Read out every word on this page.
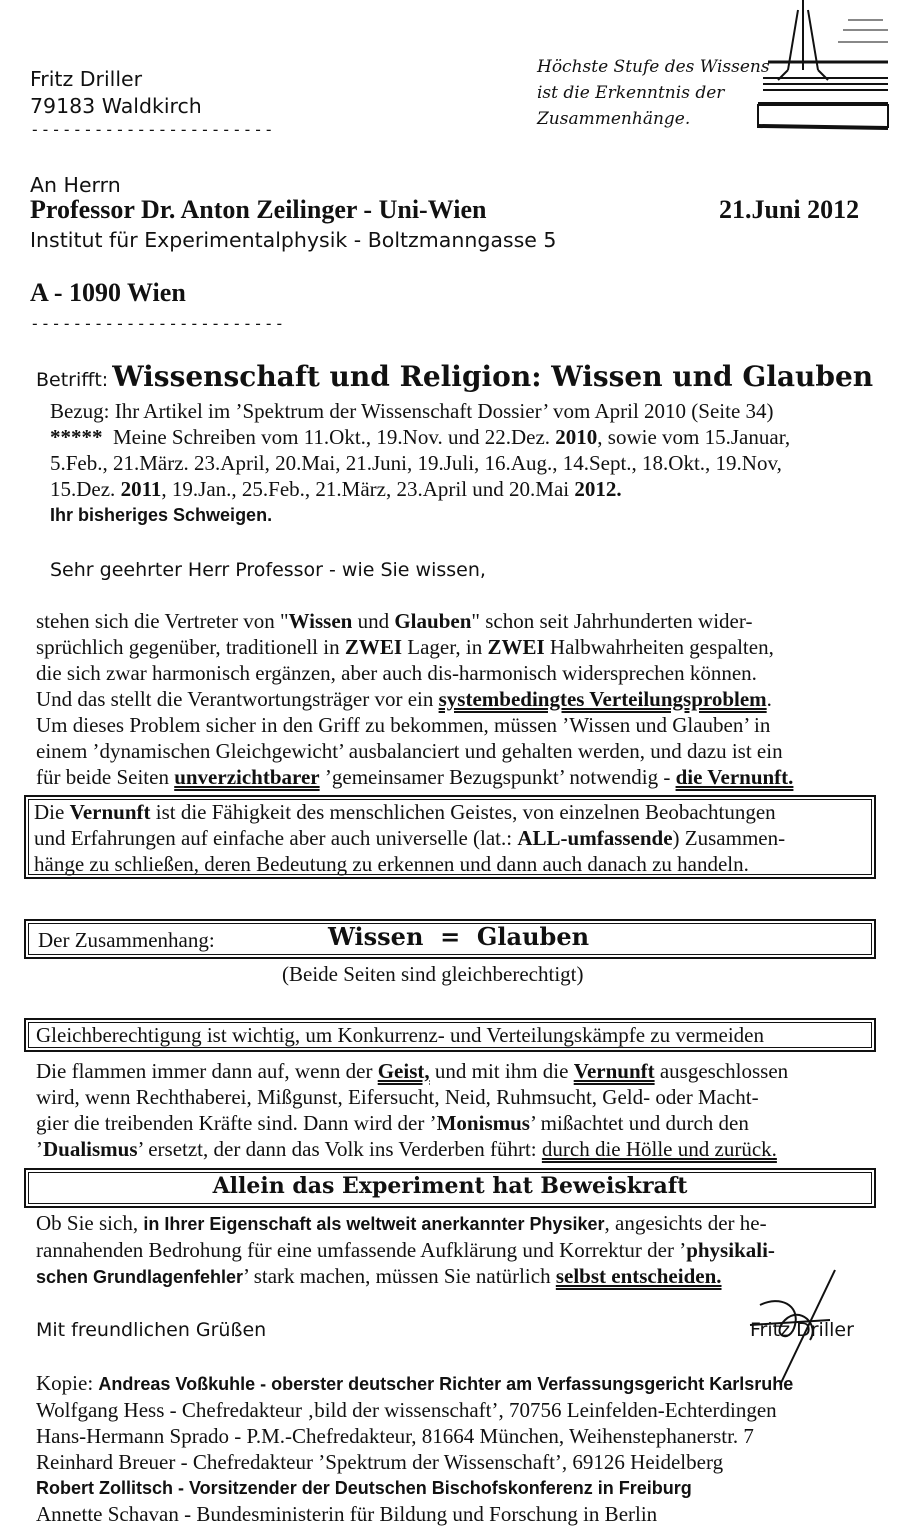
Fritz Driller
79183 Waldkirch
-----------------------
Höchste Stufe des Wissens
ist die Erkenntnis der
Zusammenhänge.
An Herrn
Professor Dr. Anton Zeilinger - Uni-Wien	21.Juni 2012
Institut für Experimentalphysik - Boltzmanngasse 5
A - 1090 Wien
------------------------
Betrifft: Wissenschaft und Religion: Wissen und Glauben
Bezug: Ihr Artikel im ’Spektrum der Wissenschaft Dossier’ vom April 2010 (Seite 34)
***** Meine Schreiben vom 11.Okt., 19.Nov. und 22.Dez. 2010, sowie vom 15.Januar,
5.Feb., 21.März. 23.April, 20.Mai, 21.Juni, 19.Juli, 16.Aug., 14.Sept., 18.Okt., 19.Nov,
15.Dez. 2011, 19.Jan., 25.Feb., 21.März, 23.April und 20.Mai 2012.
Ihr bisheriges Schweigen.
Sehr geehrter Herr Professor - wie Sie wissen,
stehen sich die Vertreter von "Wissen und Glauben" schon seit Jahrhunderten wider-
sprüchlich gegenüber, traditionell in ZWEI Lager, in ZWEI Halbwahrheiten gespalten,
die sich zwar harmonisch ergänzen, aber auch dis-harmonisch widersprechen können.
Und das stellt die Verantwortungsträger vor ein systembedingtes Verteilungsproblem.
Um dieses Problem sicher in den Griff zu bekommen, müssen ’Wissen und Glauben’ in
einem ’dynamischen Gleichgewicht’ ausbalanciert und gehalten werden, und dazu ist ein
für beide Seiten unverzichtbarer ’gemeinsamer Bezugspunkt’ notwendig - die Vernunft.
Die Vernunft ist die Fähigkeit des menschlichen Geistes, von einzelnen Beobachtungen
und Erfahrungen auf einfache aber auch universelle (lat.: ALL-umfassende) Zusammen-
hänge zu schließen, deren Bedeutung zu erkennen und dann auch danach zu handeln.
Der Zusammenhang:	Wissen  =  Glauben
(Beide Seiten sind gleichberechtigt)
Gleichberechtigung ist wichtig, um Konkurrenz- und Verteilungskämpfe zu vermeiden
Die flammen immer dann auf, wenn der Geist, und mit ihm die Vernunft ausgeschlossen
wird, wenn Rechthaberei, Mißgunst, Eifersucht, Neid, Ruhmsucht, Geld- oder Macht-
gier die treibenden Kräfte sind. Dann wird der ’Monismus’ mißachtet und durch den
’Dualismus’ ersetzt, der dann das Volk ins Verderben führt: durch die Hölle und zurück.
Allein das Experiment hat Beweiskraft
Ob Sie sich, in Ihrer Eigenschaft als weltweit anerkannter Physiker, angesichts der he-
rannahenden Bedrohung für eine umfassende Aufklärung und Korrektur der ’physikali-
schen Grundlagenfehler’ stark machen, müssen Sie natürlich selbst entscheiden.
Mit freundlichen Grüßen	Fritz Driller
Kopie: Andreas Voßkuhle - oberster deutscher Richter am Verfassungsgericht Karlsruhe
Wolfgang Hess - Chefredakteur ‚bild der wissenschaft’, 70756 Leinfelden-Echterdingen
Hans-Hermann Sprado - P.M.-Chefredakteur, 81664 München, Weihenstephanerstr. 7
Reinhard Breuer - Chefredakteur ’Spektrum der Wissenschaft’, 69126 Heidelberg
Robert Zollitsch - Vorsitzender der Deutschen Bischofskonferenz in Freiburg
Annette Schavan - Bundesministerin für Bildung und Forschung in Berlin
